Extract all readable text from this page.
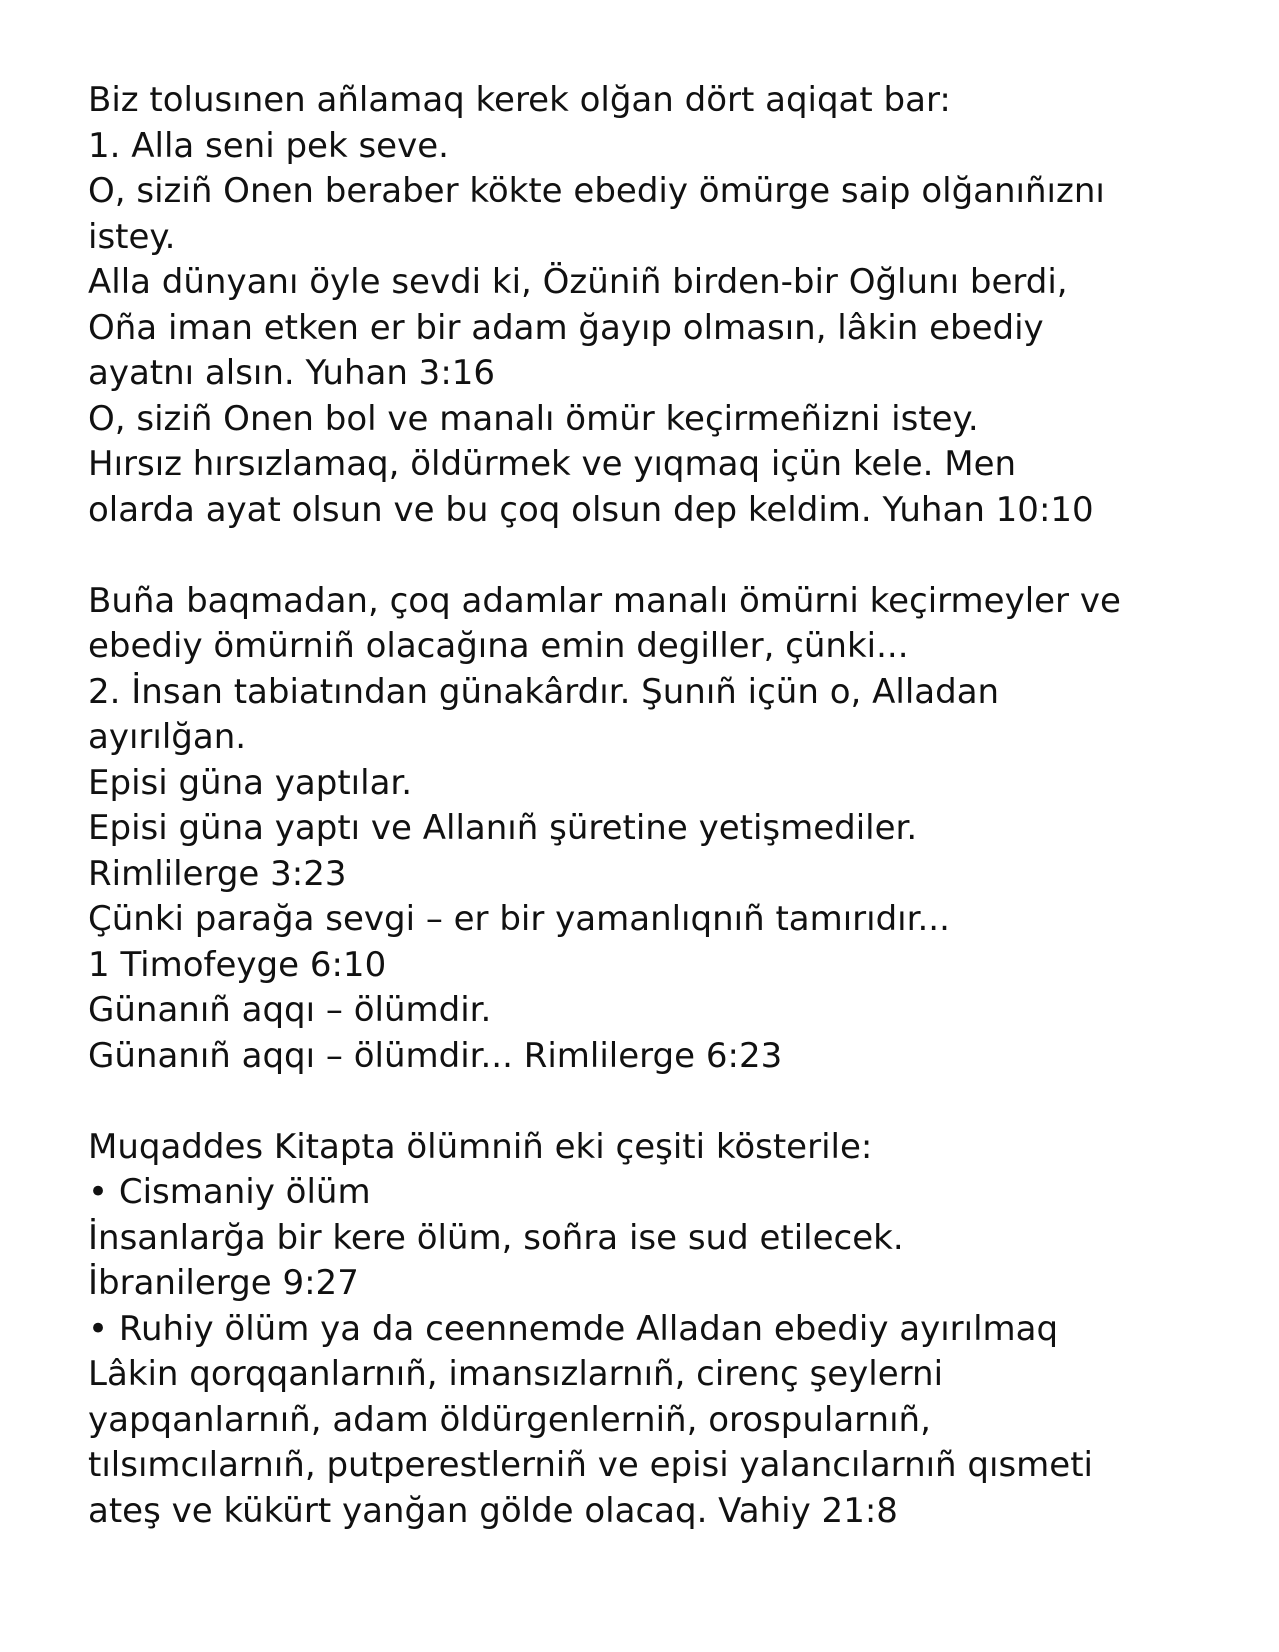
Biz tolusınen añlamaq kerek olğan dört aqiqat bar:
1. Alla seni pek seve.
O, siziñ Onen beraber kökte ebediy ömürge saip olğanıñıznı
istey.
Alla dünyanı öyle sevdi ki, Özüniñ birden-bir Oğlunı berdi,
Oña iman etken er bir adam ğayıp olmasın, lâkin ebediy
ayatnı alsın. Yuhan 3:16
O, siziñ Onen bol ve manalı ömür keçirmeñizni istey.
Hırsız hırsızlamaq, öldürmek ve yıqmaq içün kele. Men
olarda ayat olsun ve bu çoq olsun dep keldim. Yuhan 10:10
Buña baqmadan, çoq adamlar manalı ömürni keçirmeyler ve
ebediy ömürniñ olacağına emin degiller, çünki...
2. İnsan tabiatından günakârdır. Şunıñ içün o, Alladan
ayırılğan.
Episi güna yaptılar.
Episi güna yaptı ve Allanıñ şüretine yetişmediler.
Rimlilerge 3:23
Çünki parağa sevgi – er bir yamanlıqnıñ tamırıdır...
1 Timofeyge 6:10
Günanıñ aqqı – ölümdir.
Günanıñ aqqı – ölümdir... Rimlilerge 6:23
Muqaddes Kitapta ölümniñ eki çeşiti kösterile:
• Cismaniy ölüm
İnsanlarğa bir kere ölüm, soñra ise sud etilecek.
İbranilerge 9:27
• Ruhiy ölüm ya da ceennemde Alladan ebediy ayırılmaq
Lâkin qorqqanlarnıñ, imansızlarnıñ, cirenç şeylerni
yapqanlarnıñ, adam öldürgenlerniñ, orospularnıñ,
tılsımcılarnıñ, putperestlerniñ ve episi yalancılarnıñ qısmeti
ateş ve kükürt yanğan gölde olacaq. Vahiy 21:8
